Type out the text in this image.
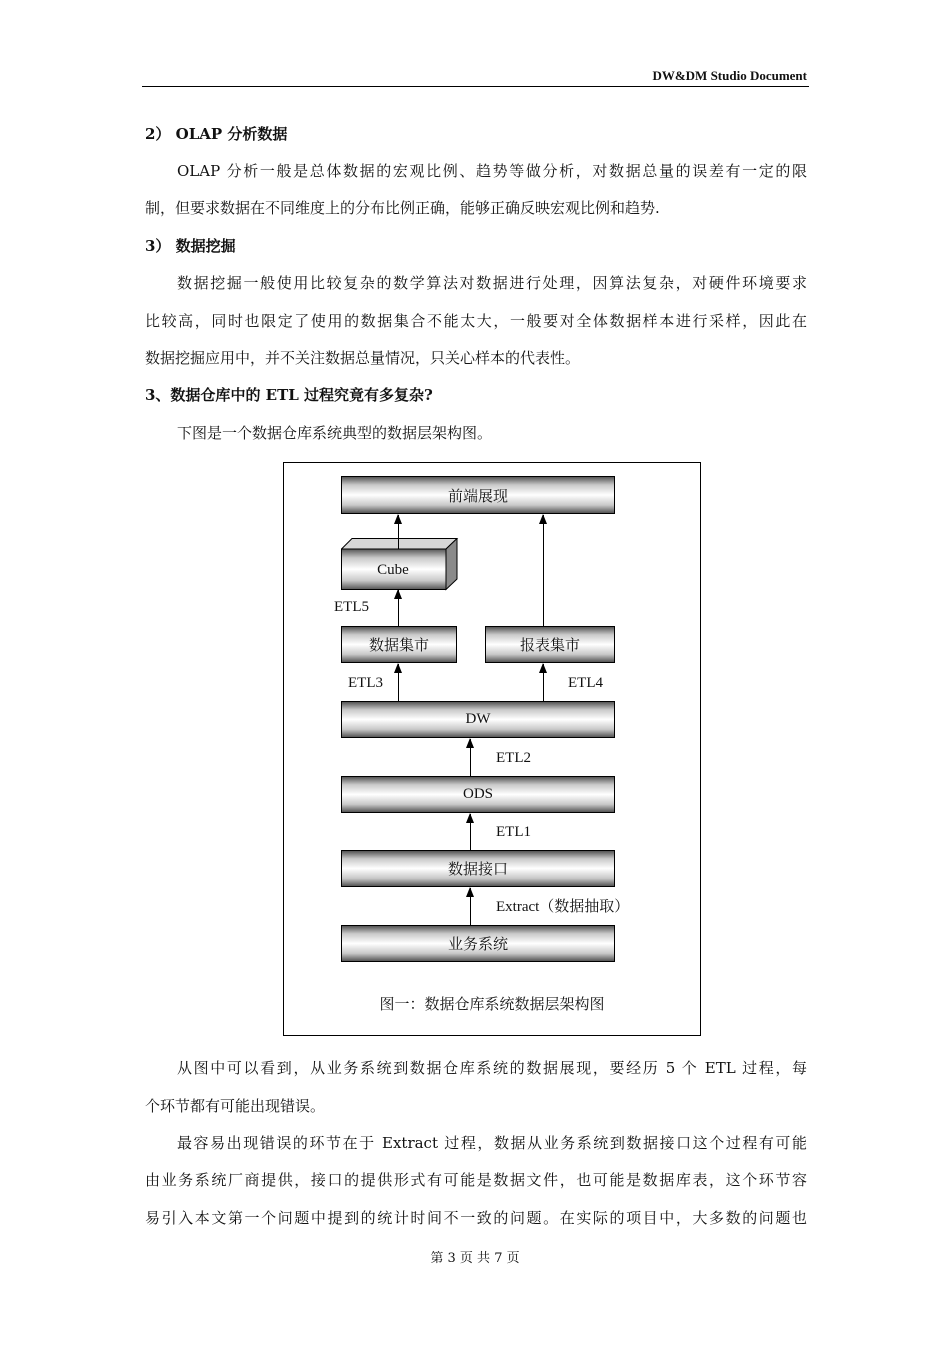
DW&DM Studio Document
2） OLAP 分析数据
OLAP 分析一般是总体数据的宏观比例、趋势等做分析，对数据总量的误差有一定的限
制，但要求数据在不同维度上的分布比例正确，能够正确反映宏观比例和趋势.
3） 数据挖掘
数据挖掘一般使用比较复杂的数学算法对数据进行处理，因算法复杂，对硬件环境要求
比较高，同时也限定了使用的数据集合不能太大，一般要对全体数据样本进行采样，因此在
数据挖掘应用中，并不关注数据总量情况，只关心样本的代表性。
3、数据仓库中的 ETL 过程究竟有多复杂?
下图是一个数据仓库系统典型的数据层架构图。
前端展现
Cube
ETL5
数据集市	报表集市
ETL3	ETL4
DW
ETL2
ODS
ETL1
数据接口
Extract（数据抽取）
业务系统
图一：数据仓库系统数据层架构图
从图中可以看到，从业务系统到数据仓库系统的数据展现，要经历 5 个 ETL 过程，每
个环节都有可能出现错误。
最容易出现错误的环节在于 Extract 过程，数据从业务系统到数据接口这个过程有可能
由业务系统厂商提供，接口的提供形式有可能是数据文件，也可能是数据库表，这个环节容
易引入本文第一个问题中提到的统计时间不一致的问题。在实际的项目中，大多数的问题也
第 3 页 共 7 页
